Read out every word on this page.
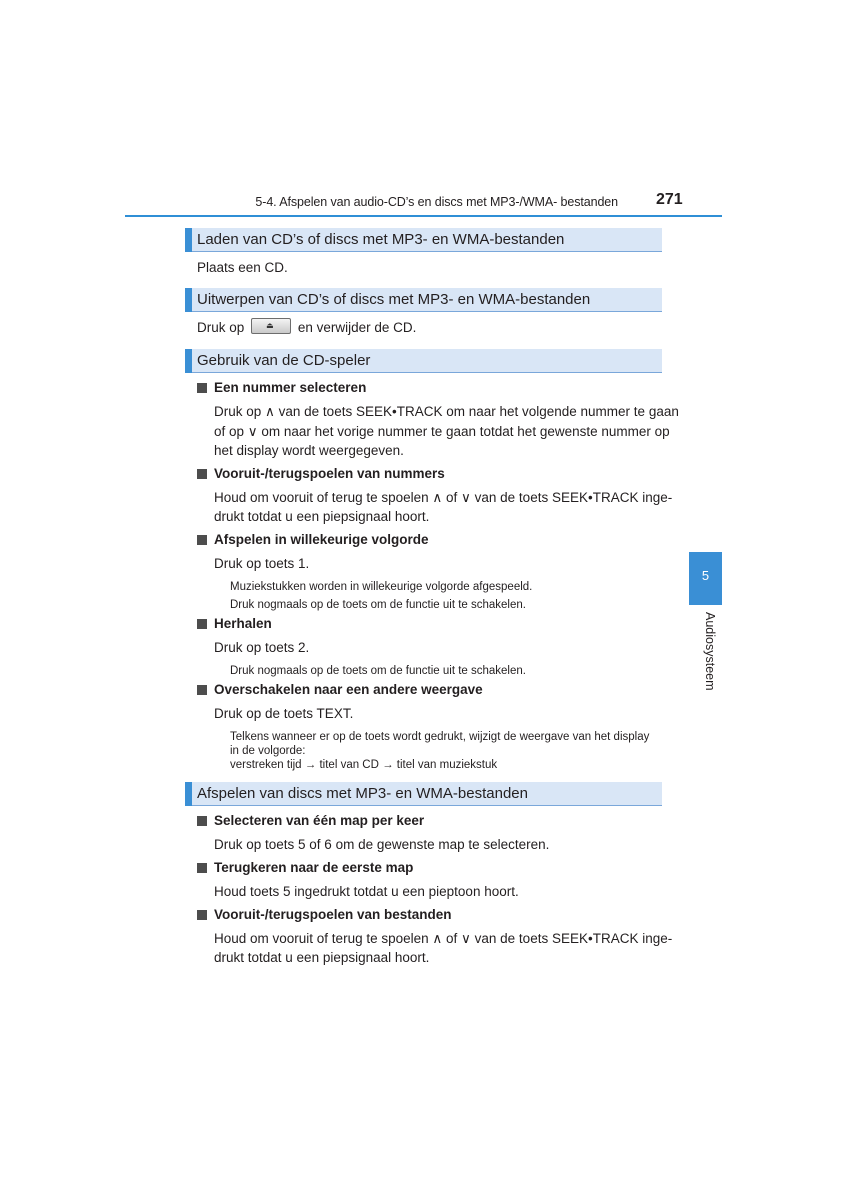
5-4. Afspelen van audio-CD’s en discs met MP3-/WMA- bestanden 271
5
Audiosysteem
Laden van CD’s of discs met MP3- en WMA-bestanden
Plaats een CD.
Uitwerpen van CD’s of discs met MP3- en WMA-bestanden
Druk op	⏏ en verwijder de CD.
Gebruik van de CD-speler
Een nummer selecteren
Druk op ∧ van de toets SEEK•TRACK om naar het volgende nummer te gaan
of op ∨ om naar het vorige nummer te gaan totdat het gewenste nummer op
het display wordt weergegeven.
Vooruit-/terugspoelen van nummers
Houd om vooruit of terug te spoelen ∧ of ∨ van de toets SEEK•TRACK inge-
drukt totdat u een piepsignaal hoort.
Afspelen in willekeurige volgorde
Druk op toets 1.
Muziekstukken worden in willekeurige volgorde afgespeeld.
Druk nogmaals op de toets om de functie uit te schakelen.
Herhalen
Druk op toets 2.
Druk nogmaals op de toets om de functie uit te schakelen.
Overschakelen naar een andere weergave
Druk op de toets TEXT.
Telkens wanneer er op de toets wordt gedrukt, wijzigt de weergave van het display
in de volgorde:
verstreken tijd → titel van CD → titel van muziekstuk
Afspelen van discs met MP3- en WMA-bestanden
Selecteren van één map per keer
Druk op toets 5 of 6 om de gewenste map te selecteren.
Terugkeren naar de eerste map
Houd toets 5 ingedrukt totdat u een pieptoon hoort.
Vooruit-/terugspoelen van bestanden
Houd om vooruit of terug te spoelen ∧ of ∨ van de toets SEEK•TRACK inge-
drukt totdat u een piepsignaal hoort.
